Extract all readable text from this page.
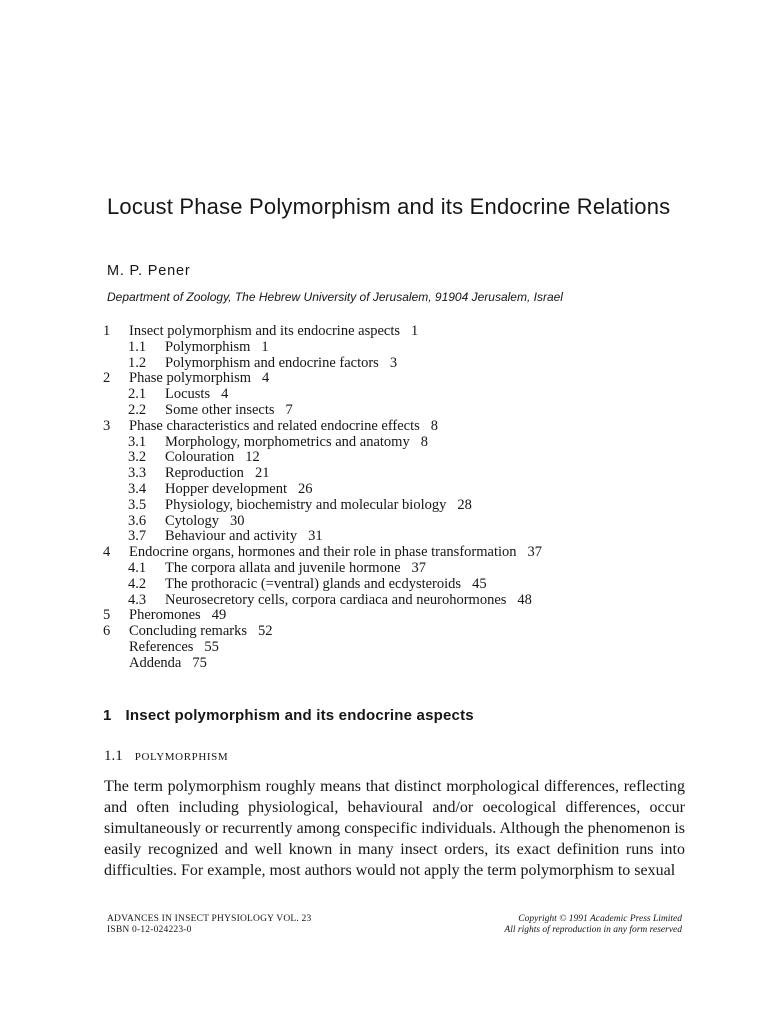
Locust Phase Polymorphism and its Endocrine Relations
M. P. Pener
Department of Zoology, The Hebrew University of Jerusalem, 91904 Jerusalem, Israel
1	Insect polymorphism and its endocrine aspects 1
1.1	Polymorphism 1
1.2	Polymorphism and endocrine factors 3
2	Phase polymorphism 4
2.1	Locusts 4
2.2	Some other insects 7
3	Phase characteristics and related endocrine effects 8
3.1	Morphology, morphometrics and anatomy 8
3.2	Colouration 12
3.3	Reproduction 21
3.4	Hopper development 26
3.5	Physiology, biochemistry and molecular biology 28
3.6	Cytology 30
3.7	Behaviour and activity 31
4	Endocrine organs, hormones and their role in phase transformation 37
4.1	The corpora allata and juvenile hormone 37
4.2	The prothoracic (=ventral) glands and ecdysteroids 45
4.3	Neurosecretory cells, corpora cardiaca and neurohormones 48
5	Pheromones 49
6	Concluding remarks 52
References 55
Addenda 75
1 Insect polymorphism and its endocrine aspects
1.1 POLYMORPHISM

The term polymorphism roughly means that distinct morphological differences, reflecting and often including physiological, behavioural and/or oecological differences, occur simultaneously or recurrently among conspecific individuals. Although the phenomenon is easily recognized and well known in many insect orders, its exact definition runs into difficulties. For example, most authors would not apply the term polymorphism to sexual

ADVANCES IN INSECT PHYSIOLOGY VOL. 23
ISBN 0-12-024223-0
Copyright © 1991 Academic Press Limited
All rights of reproduction in any form reserved
